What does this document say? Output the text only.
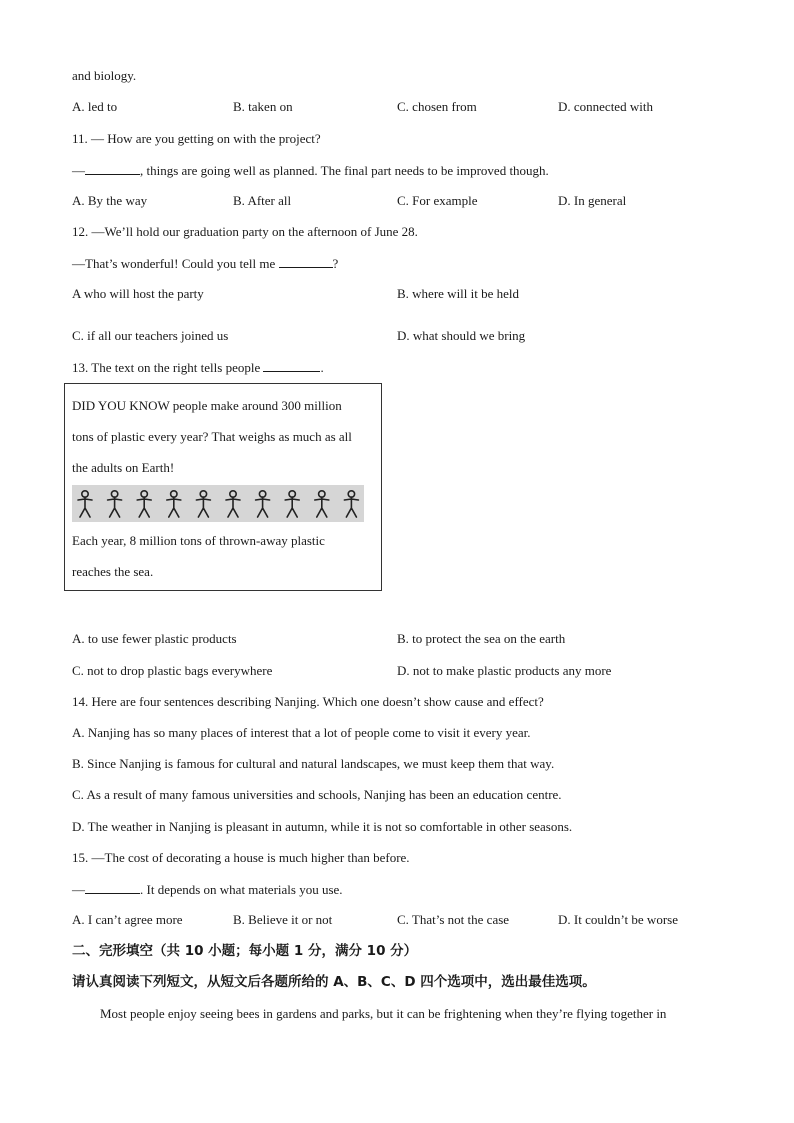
and biology.
A. led to	B. taken on	C. chosen from	D. connected with
11. — How are you getting on with the project?
—	, things are going well as planned. The final part needs to be improved though.
A. By the way	B. After all	C. For example	D. In general
12. —We’ll hold our graduation party on the afternoon of June 28.
—That’s wonderful! Could you tell me	?
A who will host the party	B. where will it be held
C. if all our teachers joined us	D. what should we bring
13. The text on the right tells people	.
DID YOU KNOW people make around 300 million
tons of plastic every year? That weighs as much as all
the adults on Earth!
Each year, 8 million tons of thrown-away plastic
reaches the sea.
A. to use fewer plastic products	B. to protect the sea on the earth
C. not to drop plastic bags everywhere	D. not to make plastic products any more
14. Here are four sentences describing Nanjing. Which one doesn’t show cause and effect?
A. Nanjing has so many places of interest that a lot of people come to visit it every year.
B. Since Nanjing is famous for cultural and natural landscapes, we must keep them that way.
C. As a result of many famous universities and schools, Nanjing has been an education centre.
D. The weather in Nanjing is pleasant in autumn, while it is not so comfortable in other seasons.
15. —The cost of decorating a house is much higher than before.
—	. It depends on what materials you use.
A. I can’t agree more	B. Believe it or not	C. That’s not the case	D. It couldn’t be worse
二、完形填空（共 10 小题；每小题 1 分，满分 10 分）
请认真阅读下列短文，从短文后各题所给的 A、B、C、D 四个选项中，选出最佳选项。
Most people enjoy seeing bees in gardens and parks, but it can be frightening when they’re flying together in
